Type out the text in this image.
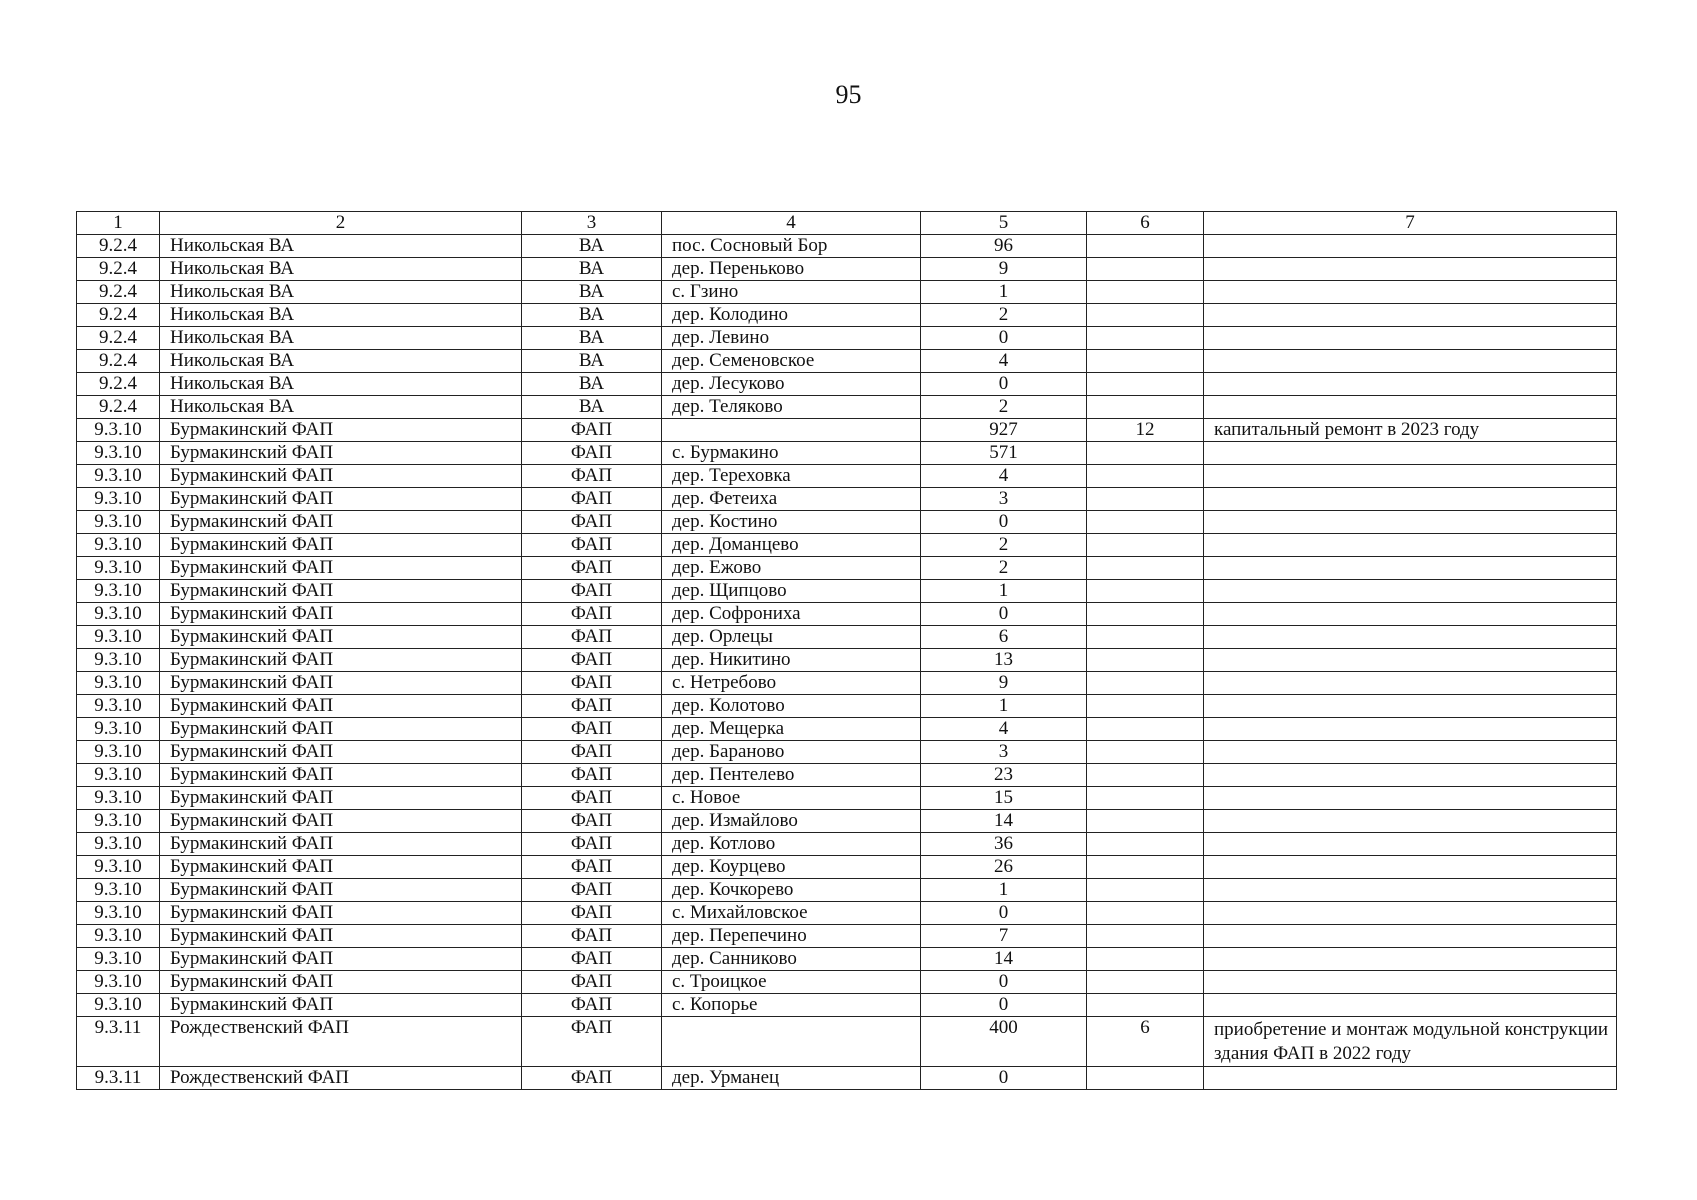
95
1	2	3	4	5	6	7
9.2.4	Никольская ВА	ВА	пос. Сосновый Бор	96		
9.2.4	Никольская ВА	ВА	дер. Переньково	9		
9.2.4	Никольская ВА	ВА	с. Гзино	1		
9.2.4	Никольская ВА	ВА	дер. Колодино	2		
9.2.4	Никольская ВА	ВА	дер. Левино	0		
9.2.4	Никольская ВА	ВА	дер. Семеновское	4		
9.2.4	Никольская ВА	ВА	дер. Лесуково	0		
9.2.4	Никольская ВА	ВА	дер. Теляково	2		
9.3.10	Бурмакинский ФАП	ФАП		927	12	капитальный ремонт в 2023 году
9.3.10	Бурмакинский ФАП	ФАП	с. Бурмакино	571		
9.3.10	Бурмакинский ФАП	ФАП	дер. Тереховка	4		
9.3.10	Бурмакинский ФАП	ФАП	дер. Фетеиха	3		
9.3.10	Бурмакинский ФАП	ФАП	дер. Костино	0		
9.3.10	Бурмакинский ФАП	ФАП	дер. Доманцево	2		
9.3.10	Бурмакинский ФАП	ФАП	дер. Ежово	2		
9.3.10	Бурмакинский ФАП	ФАП	дер. Щипцово	1		
9.3.10	Бурмакинский ФАП	ФАП	дер. Софрониха	0		
9.3.10	Бурмакинский ФАП	ФАП	дер. Орлецы	6		
9.3.10	Бурмакинский ФАП	ФАП	дер. Никитино	13		
9.3.10	Бурмакинский ФАП	ФАП	с. Нетребово	9		
9.3.10	Бурмакинский ФАП	ФАП	дер. Колотово	1		
9.3.10	Бурмакинский ФАП	ФАП	дер. Мещерка	4		
9.3.10	Бурмакинский ФАП	ФАП	дер. Бараново	3		
9.3.10	Бурмакинский ФАП	ФАП	дер. Пентелево	23		
9.3.10	Бурмакинский ФАП	ФАП	с. Новое	15		
9.3.10	Бурмакинский ФАП	ФАП	дер. Измайлово	14		
9.3.10	Бурмакинский ФАП	ФАП	дер. Котлово	36		
9.3.10	Бурмакинский ФАП	ФАП	дер. Коурцево	26		
9.3.10	Бурмакинский ФАП	ФАП	дер. Кочкорево	1		
9.3.10	Бурмакинский ФАП	ФАП	с. Михайловское	0		
9.3.10	Бурмакинский ФАП	ФАП	дер. Перепечино	7		
9.3.10	Бурмакинский ФАП	ФАП	дер. Санниково	14		
9.3.10	Бурмакинский ФАП	ФАП	с. Троицкое	0		
9.3.10	Бурмакинский ФАП	ФАП	с. Копорье	0		
9.3.11	Рождественский ФАП	ФАП		400	6	приобретение и монтаж модульной конструкции здания ФАП в 2022 году
9.3.11	Рождественский ФАП	ФАП	дер. Урманец	0		
